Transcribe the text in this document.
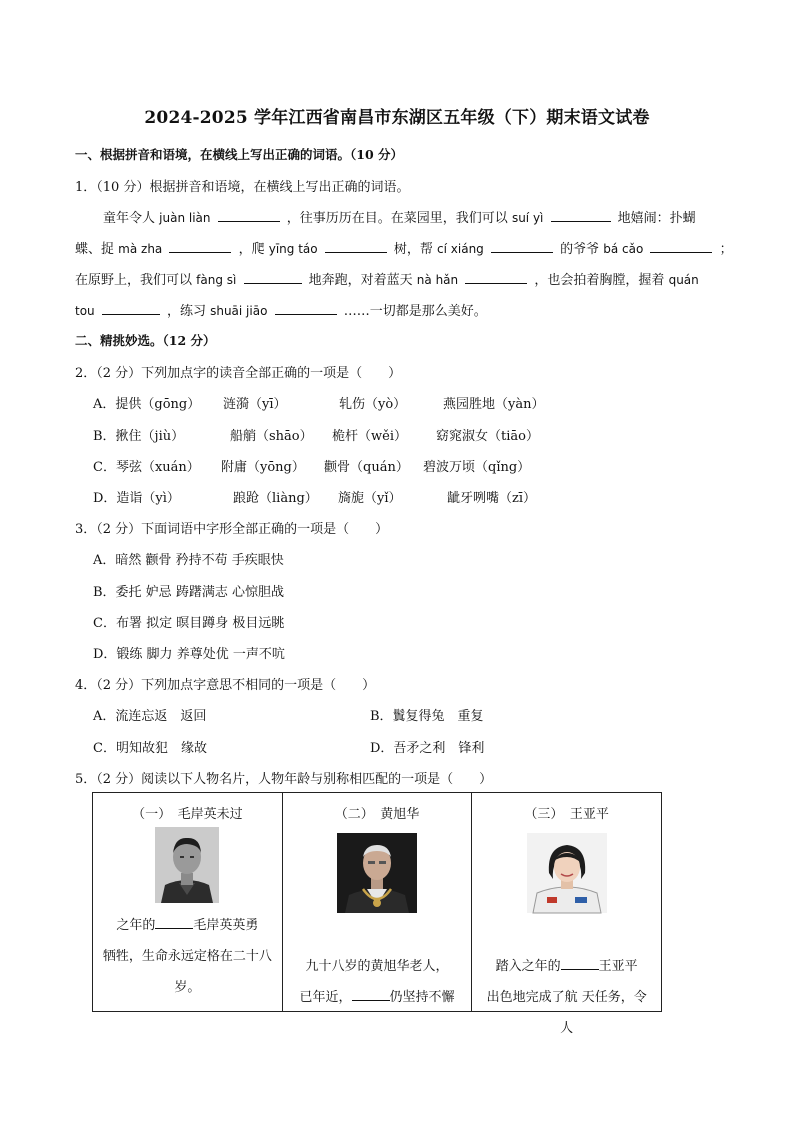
2024-2025 学年江西省南昌市东湖区五年级（下）期末语文试卷
一、根据拼音和语境，在横线上写出正确的词语。（10 分）
1．（10 分）根据拼音和语境，在横线上写出正确的词语。
童年令人 juàn liàn	，往事历历在目。在菜园里，我们可以 suí yì	地嬉闹：扑蝴
蝶、捉 mà zha	，爬 yīng táo	树，帮 cí xiáng	的爷爷 bá cǎo	；
在原野上，我们可以 fàng sì	地奔跑，对着蓝天 nà hǎn	，也会拍着胸膛，握着 quán
tou	，练习 shuāi jiāo	……一切都是那么美好。
二、精挑妙选。（12 分）
2．（2 分）下列加点字的读音全部正确的一项是（　　）
A．提供（gōng） 涟漪（yī）	轧伤（yò）	燕园胜地（yàn）
B．揪住（jiù）	船艄（shāo） 桅杆（wěi） 窈窕淑女（tiāo）
C．琴弦（xuán） 附庸（yōng） 颧骨（quán） 碧波万顷（qǐng）
D．造诣（yì）	踉跄（liàng） 旖旎（yǐ）	龇牙咧嘴（zī）
3．（2 分）下面词语中字形全部正确的一项是（　　）
A．暗然 颧骨 矜持不苟 手疾眼快
B．委托 妒忌 踌躇满志 心惊胆战
C．布署 拟定 暝目蹲身 极目远眺
D．锻练 脚力 养尊处优 一声不吭
4．（2 分）下列加点字意思不相同的一项是（　　）
A．流连忘返　返回	B．鬒复得兔　重复
C．明知故犯　缘故	D．吾矛之利　锋利
5．（2 分）阅读以下人物名片，人物年龄与别称相匹配的一项是（　　）
（一）　毛岸英未过
之年的	毛岸英英勇
牺牲，生命永远定格在二十八
岁。
（二）　黄旭华
九十八岁的黄旭华老人，
已年近，	仍坚持不懈
（三）　王亚平
踏入之年的	王亚平
出色地完成了航 天任务，令人
